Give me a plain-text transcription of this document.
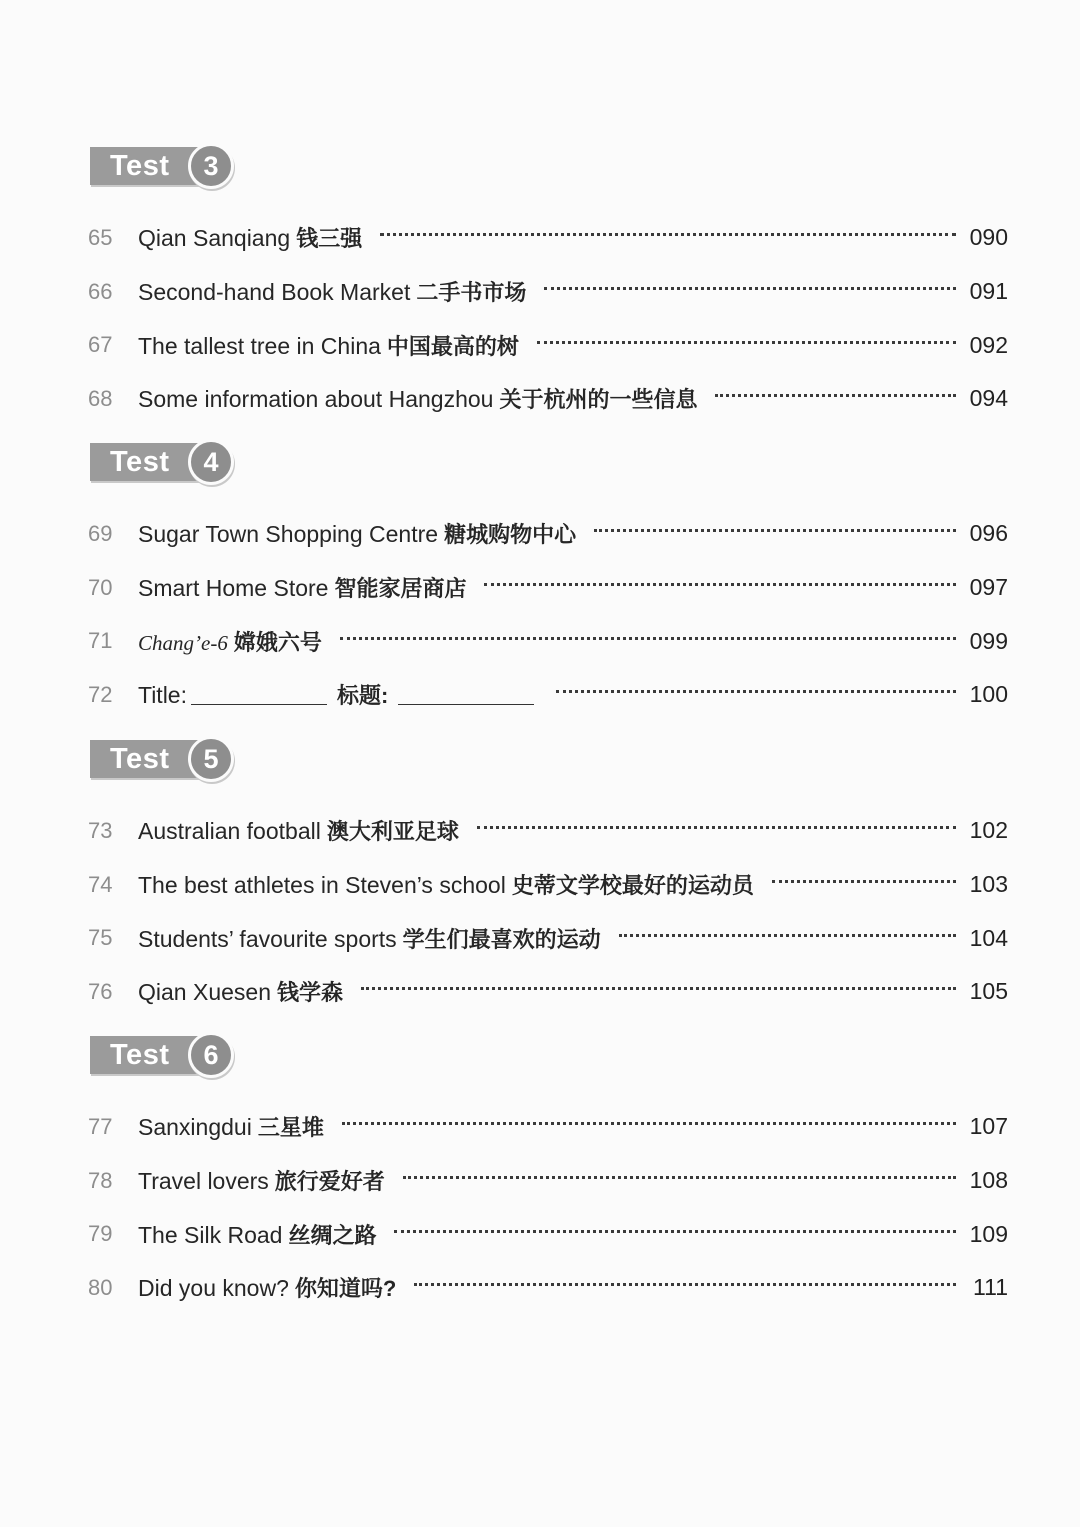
Test	3
65	Qian Sanqiang 钱三强	090
66	Second-hand Book Market 二手书市场	091
67	The tallest tree in China 中国最高的树	092
68	Some information about Hangzhou 关于杭州的一些信息	094
Test	4
69	Sugar Town Shopping Centre 糖城购物中心	096
70	Smart Home Store 智能家居商店	097
71	Chang’e-6 嫦娥六号	099
72	Title:	标题:	100
Test	5
73	Australian football 澳大利亚足球	102
74	The best athletes in Steven’s school 史蒂文学校最好的运动员	103
75	Students’ favourite sports 学生们最喜欢的运动	104
76	Qian Xuesen 钱学森	105
Test	6
77	Sanxingdui 三星堆	107
78	Travel lovers 旅行爱好者	108
79	The Silk Road 丝绸之路	109
80	Did you know? 你知道吗?	111
